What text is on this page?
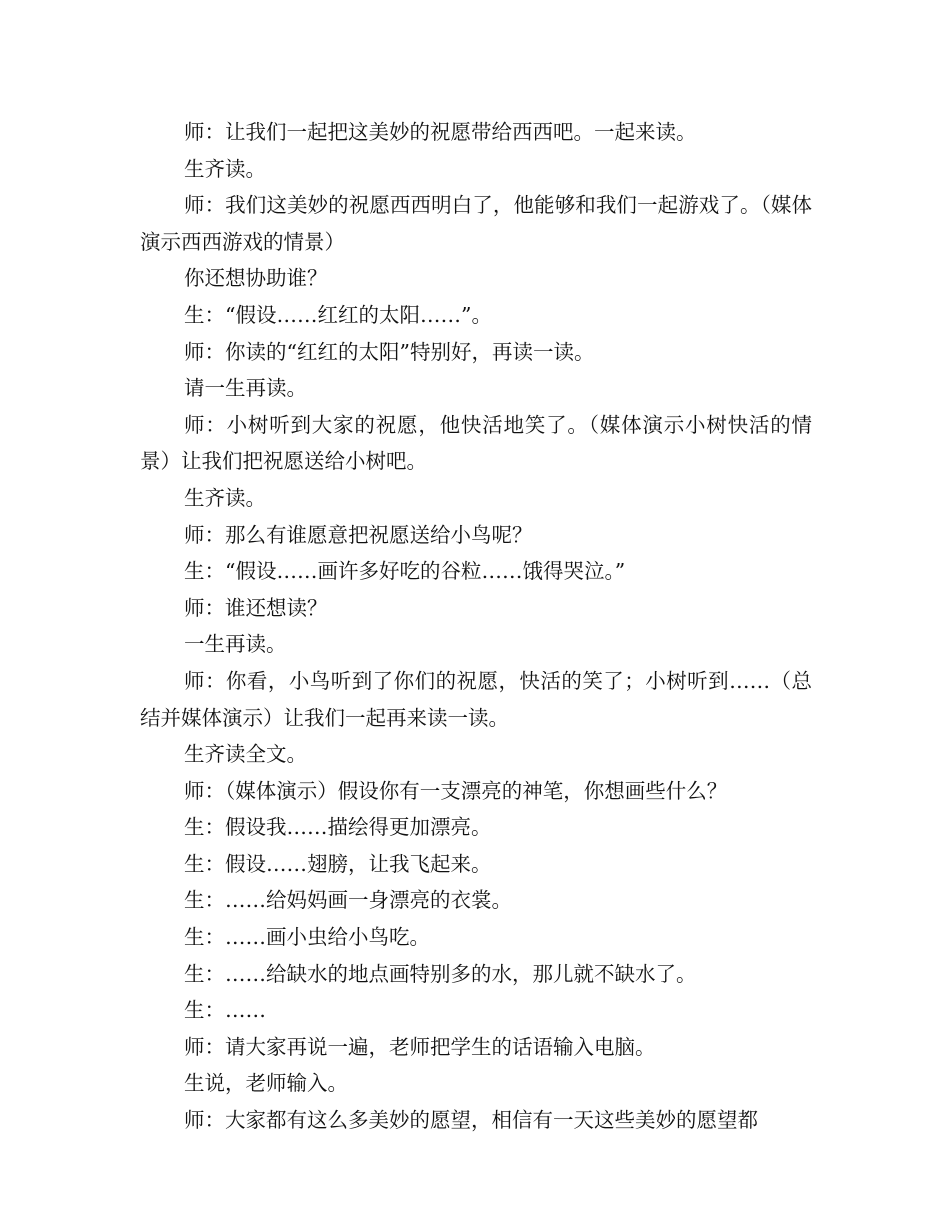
师：让我们一起把这美妙的祝愿带给西西吧。一起来读。

生齐读。

师：我们这美妙的祝愿西西明白了，他能够和我们一起游戏了。（媒体演示西西游戏的情景）

你还想协助谁？

生：“假设……红红的太阳……”。

师：你读的“红红的太阳”特别好，再读一读。

请一生再读。

师：小树听到大家的祝愿，他快活地笑了。（媒体演示小树快活的情景）让我们把祝愿送给小树吧。

生齐读。

师：那么有谁愿意把祝愿送给小鸟呢？

生：“假设……画许多好吃的谷粒……饿得哭泣。”

师：谁还想读？

一生再读。

师：你看，小鸟听到了你们的祝愿，快活的笑了；小树听到……（总结并媒体演示）让我们一起再来读一读。

生齐读全文。

师：（媒体演示）假设你有一支漂亮的神笔，你想画些什么？

生：假设我……描绘得更加漂亮。

生：假设……翅膀，让我飞起来。

生：……给妈妈画一身漂亮的衣裳。

生：……画小虫给小鸟吃。

生：……给缺水的地点画特别多的水，那儿就不缺水了。

生：……

师：请大家再说一遍，老师把学生的话语输入电脑。

生说，老师输入。

师：大家都有这么多美妙的愿望，相信有一天这些美妙的愿望都
